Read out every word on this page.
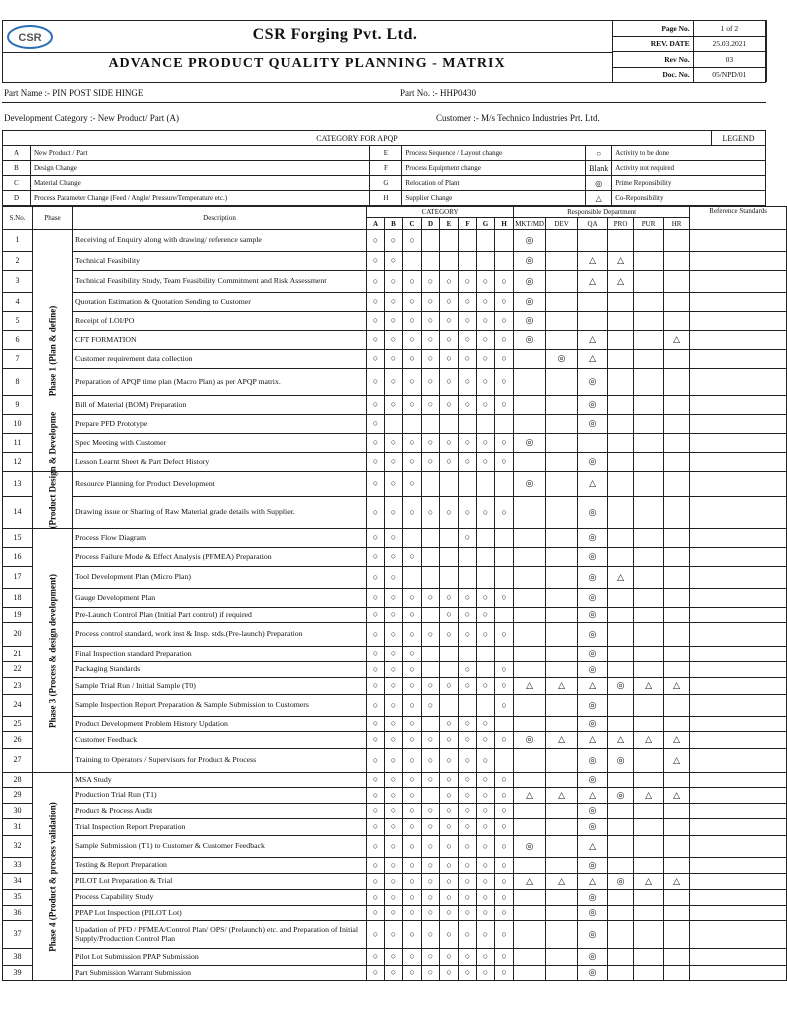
CSR	CSR Forging Pvt. Ltd.
ADVANCE PRODUCT QUALITY PLANNING - MATRIX
Page No.	1 of 2
REV. DATE	25.03.2021
Rev No.	03
Doc. No.	05/NPD/01
Part Name :- PIN POST SIDE HINGE	Part No. :- HHP0430
Development Category :- New Product/ Part (A)	Customer :- M/s Technico Industries Prt. Ltd.
CATEGORY FOR APQP						LEGEND
A	New Product / Part	E	Process Sequence / Layout change	○	Activity to be done	
B	Design Change	F	Process Equipment change	Blank	Activity not required	
C	Material Change	G	Relocation of Plant	◎	Prime Reponsibility	
D	Process Parameter Change (Feed / Angle/ Pressure/Temperature etc.)	H	Supplier Change	△	Co-Reponsibility	
S.No.	Phase	Description	CATEGORY								Responsible Department						Reference Standards
			A	B	C	D	E	F	G	H	MKT/MD	DEV	QA	PRO	PUR	HR	
1	Phase 1 (Plan & define)	Receiving of Enquiry along with drawing/ reference sample	○	○	○						◎						
2		Technical Feasibility	○	○							◎		△	△			
3		Technical Feasibility Study, Team Feasibility Commitment and Risk Assessment	○	○	○	○	○	○	○	○	◎		△	△			
4		Quotation Estimation & Quotation Sending to Customer	○	○	○	○	○	○	○	○	◎						
5		Receipt of LOI/PO	○	○	○	○	○	○	○	○	◎						
6		CFT FORMATION	○	○	○	○	○	○	○	○	◎		△			△	
7		Customer requirement data collection	○	○	○	○	○	○	○	○		◎	△				
8		Preparation of APQP time plan (Macro Plan) as per APQP matrix.	○	○	○	○	○	○	○	○			◎				
9		Bill of Material (BOM) Preparation	○	○	○	○	○	○	○	○			◎				
10		Prepare PFD Prototype	○										◎				
11		Spec Meeting with Customer	○	○	○	○	○	○	○	○	◎						
12		Lesson Learnt Sheet & Part Defect History	○	○	○	○	○	○	○	○			◎				
13	(Product Design & Developme	Resource Planning for Product Development	○	○	○						◎		△				
14		Drawing issue or Sharing of Raw Material grade details with Supplier.	○	○	○	○	○	○	○	○			◎				
15	Phase 3 (Process & design development)	Process Flow Diagram	○	○				○					◎				
16		Process Failure Mode & Effect Analysis (PFMEA) Preparation	○	○	○								◎				
17		Tool Development Plan (Micro Plan)	○	○									◎	△			
18		Gauge Development Plan	○	○	○	○	○	○	○	○			◎				
19		Pre-Launch Control Plan (Initial Part control) if required	○	○	○		○	○	○				◎				
20		Process control standard, work inst & Insp. stds.(Pre-launch) Preparation	○	○	○	○	○	○	○	○			◎				
21		Final Inspection standard Preparation	○	○	○								◎				
22		Packaging Standards	○	○	○			○		○			◎				
23		Sample Trial Run / Initial Sample (T0)	○	○	○	○	○	○	○	○	△	△	△	◎	△	△	
24		Sample Inspection Report Preparation & Sample Submission to Customers	○	○	○	○				○			◎				
25		Product Development Problem History Updation	○	○	○		○	○	○				◎				
26		Customer Feedback	○	○	○	○	○	○	○	○	◎	△	△	△	△	△	
27		Training to Operators / Supervisors for Product & Process	○	○	○	○	○	○	○				◎	◎		△	
28	Phase 4 (Product & process validation)	MSA Study	○	○	○	○	○	○	○	○			◎				
29		Production Trial Run (T1)	○	○	○		○	○	○	○	△	△	△	◎	△	△	
30		Product & Process Audit	○	○	○	○	○	○	○	○			◎				
31		Trial Inspection Report Preparation	○	○	○	○	○	○	○	○			◎				
32		Sample Submission (T1) to Customer & Customer Feedback	○	○	○	○	○	○	○	○	◎		△				
33		Testing & Report Preparation	○	○	○	○	○	○	○	○			◎				
34		PILOT Lot Preparation & Trial	○	○	○	○	○	○	○	○	△	△	△	◎	△	△	
35		Process Capability Study	○	○	○	○	○	○	○	○			◎				
36		PPAP Lot Inspection (PILOT Lot)	○	○	○	○	○	○	○	○			◎				
37		Upadation of PFD / PFMEA/Control Plan/ OPS/ (Prelaunch) etc. and Preparation of Initial Supply/Production Control Plan	○	○	○	○	○	○	○	○			◎				
38		Pilot Lot Submission PPAP Submission	○	○	○	○	○	○	○	○			◎				
39		Part Submission Warrant Submission	○	○	○	○	○	○	○	○			◎				
